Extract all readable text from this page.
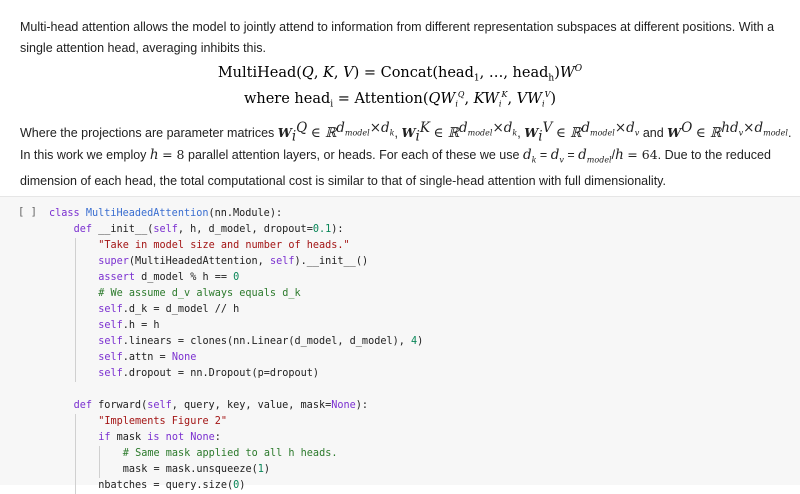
Multi-head attention allows the model to jointly attend to information from different representation subspaces at different positions. With a single attention head, averaging inhibits this.
MultiHead(Q, K, V) = Concat(head$_1$, …, $head_h)W^O$
where head$_i$ = $Attention(QW_i^Q$, $KW_i^K$, $VW_i^V$)
Where the projections are parameter matrices $W_i^Q$ ∈ ℝ$^{d_{model}\times d_k}$, $W_i^K$ ∈ ℝ$^{d_{model}\times d_k}$, $W_i^V$ ∈ ℝ$^{d_{model}\times d_v}$ and $W^O$ ∈ ℝ$^{hd_v\times d_{model}}$.
In this work we employ h = 8 parallel attention layers, or heads. For each of these we use $d_k = d_v = d_{model}/h = 64$. Due to the reduced dimension of each head, the total computational cost is similar to that of single-head attention with full dimensionality.
[ ] class MultiHeadedAttention(nn.Module):
def __init__(self, h, d_model, dropout=0.1):
"Take in model size and number of heads."
super(MultiHeadedAttention, self).__init__()
assert d_model % h == 0
# We assume d_v always equals d_k
self.d_k = d_model // h
self.h = h
self.linears = clones(nn.Linear(d_model, d_model), 4)
self.attn = None
self.dropout = nn.Dropout(p=dropout)
def forward(self, query, key, value, mask=None):
"Implements Figure 2"
if mask is not None:
# Same mask applied to all h heads.
mask = mask.unsqueeze(1)
nbatches = query.size(0)
